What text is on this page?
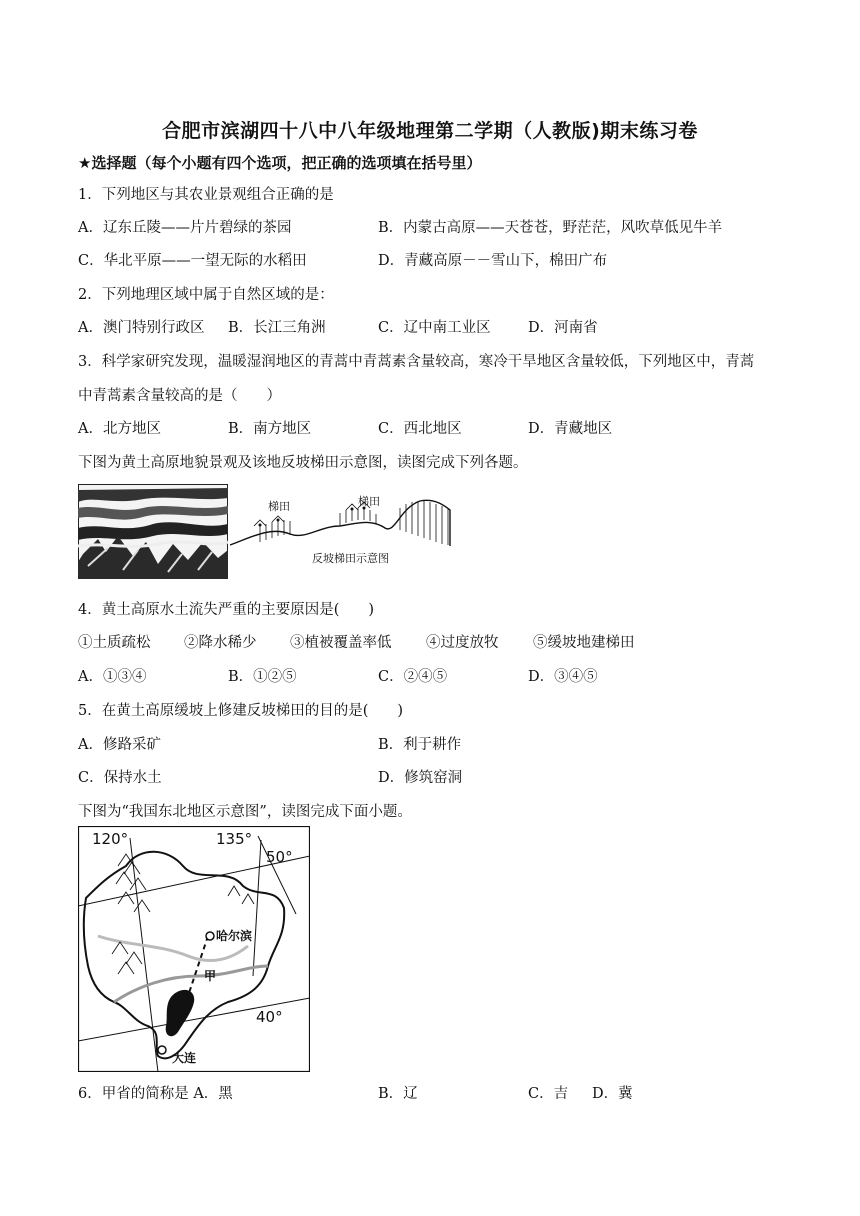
合肥市滨湖四十八中八年级地理第二学期（人教版)期末练习卷
★选择题（每个小题有四个选项，把正确的选项填在括号里）
1．下列地区与其农业景观组合正确的是
A．辽东丘陵——片片碧绿的茶园	B．内蒙古高原——天苍苍，野茫茫，风吹草低见牛羊
C．华北平原——一望无际的水稻田	D．青藏高原－－雪山下，棉田广布
2．下列地理区域中属于自然区域的是：
A．澳门特别行政区 B．长江三角洲	C．辽中南工业区	D．河南省
3．科学家研究发现，温暖湿润地区的青蒿中青蒿素含量较高，寒冷干旱地区含量较低，下列地区中，青蒿
中青蒿素含量较高的是（　　）
A．北方地区	B．南方地区	C．西北地区	D．青藏地区
下图为黄土高原地貌景观及该地反坡梯田示意图，读图完成下列各题。
梯田	梯田
反坡梯田示意图
4．黄土高原水土流失严重的主要原因是(　　)
①土质疏松 ②降水稀少 ③植被覆盖率低 ④过度放牧 ⑤缓坡地建梯田
A．①③④	B．①②⑤	C．②④⑤	D．③④⑤
5．在黄土高原缓坡上修建反坡梯田的目的是(　　)
A．修路采矿	B．利于耕作
C．保持水土	D．修筑窑洞
下图为“我国东北地区示意图”，读图完成下面小题。
120°	135°
50°
40°
哈尔滨
大连
甲
6．甲省的简称是 A．黑	B．辽	C．吉 D．冀
